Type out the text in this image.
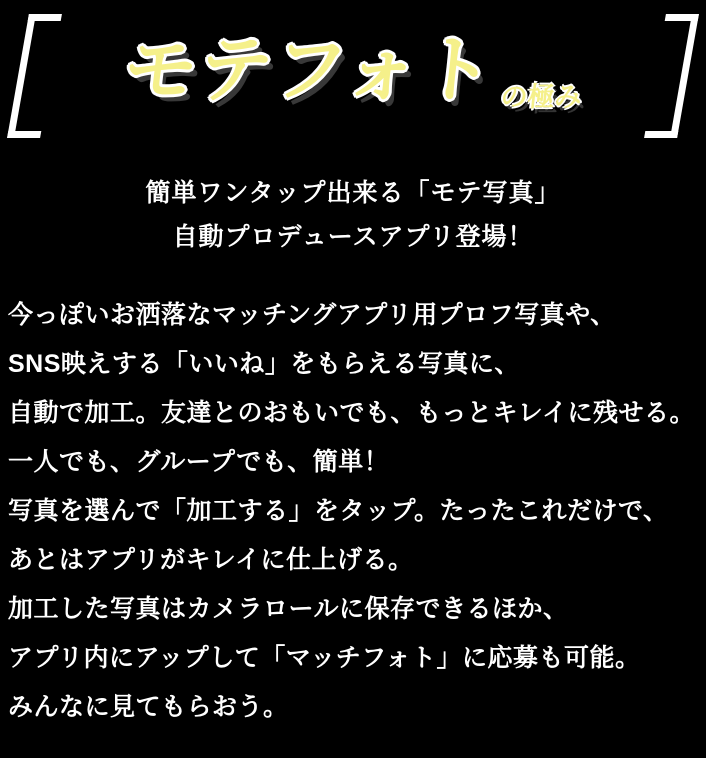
モテフォト の極み
簡単ワンタップ出来る「モテ写真」
自動プロデュースアプリ登場！

今っぽいお洒落なマッチングアプリ用プロフ写真や、

SNS映えする「いいね」をもらえる写真に、

自動で加工。友達とのおもいでも、もっとキレイに残せる。

一人でも、グループでも、簡単！

写真を選んで「加工する」をタップ。たったこれだけで、

あとはアプリがキレイに仕上げる。

加工した写真はカメラロールに保存できるほか、

アプリ内にアップして「マッチフォト」に応募も可能。

みんなに見てもらおう。
